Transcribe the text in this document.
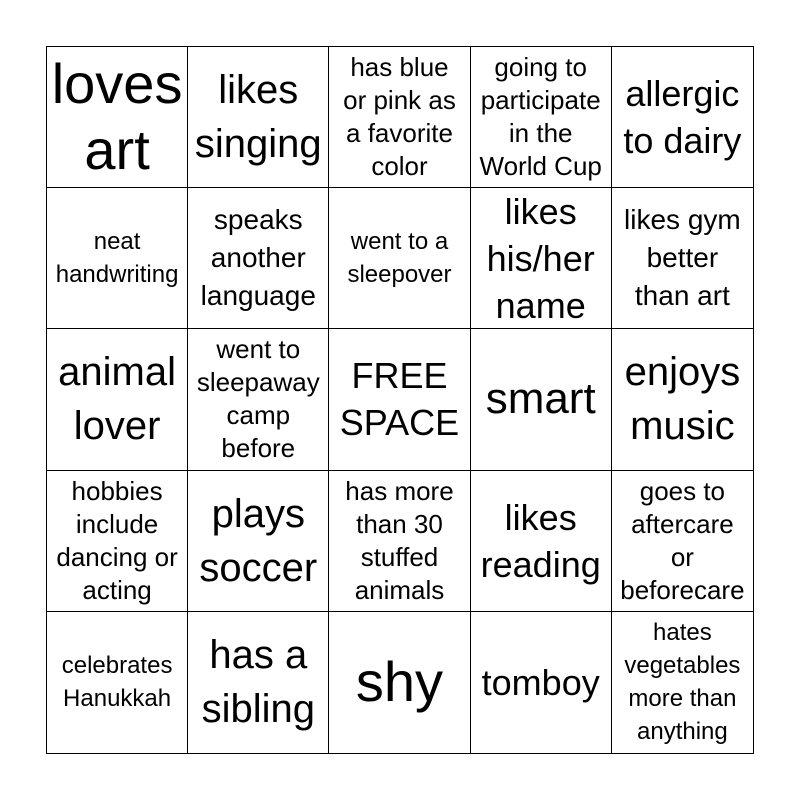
loves
art
likes
singing
has blue
or pink as
a favorite
color
going to
participate
in the
World Cup
allergic
to dairy
neat
handwriting
speaks
another
language
went to a
sleepover
likes
his/her
name
likes gym
better
than art
animal
lover
went to
sleepaway
camp
before
FREE
SPACE smart
enjoys
music
hobbies
include
dancing or
acting
plays
soccer
has more
than 30
stuffed
animals
likes
reading
goes to
aftercare
or
beforecare
celebrates
Hanukkah
has a
sibling shy tomboy
hates
vegetables
more than
anything
